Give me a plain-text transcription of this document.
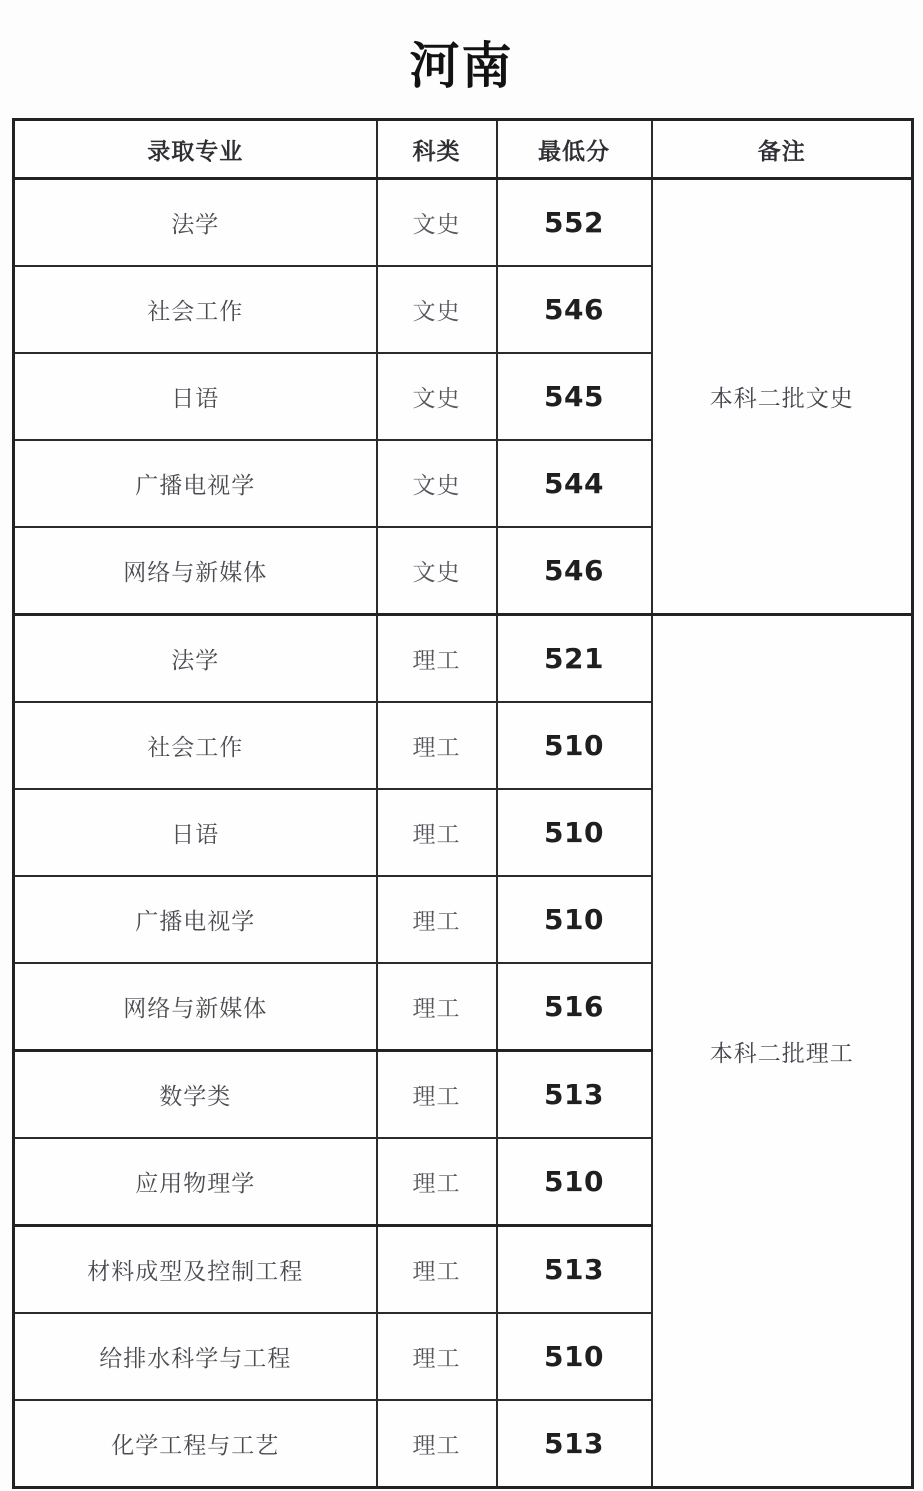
河南
录取专业	科类	最低分	备注
法学	文史	552	本科二批文史
社会工作	文史	546	
日语	文史	545	
广播电视学	文史	544	
网络与新媒体	文史	546	
法学	理工	521	本科二批理工
社会工作	理工	510	
日语	理工	510	
广播电视学	理工	510	
网络与新媒体	理工	516	
数学类	理工	513	
应用物理学	理工	510	
材料成型及控制工程	理工	513	
给排水科学与工程	理工	510	
化学工程与工艺	理工	513	
